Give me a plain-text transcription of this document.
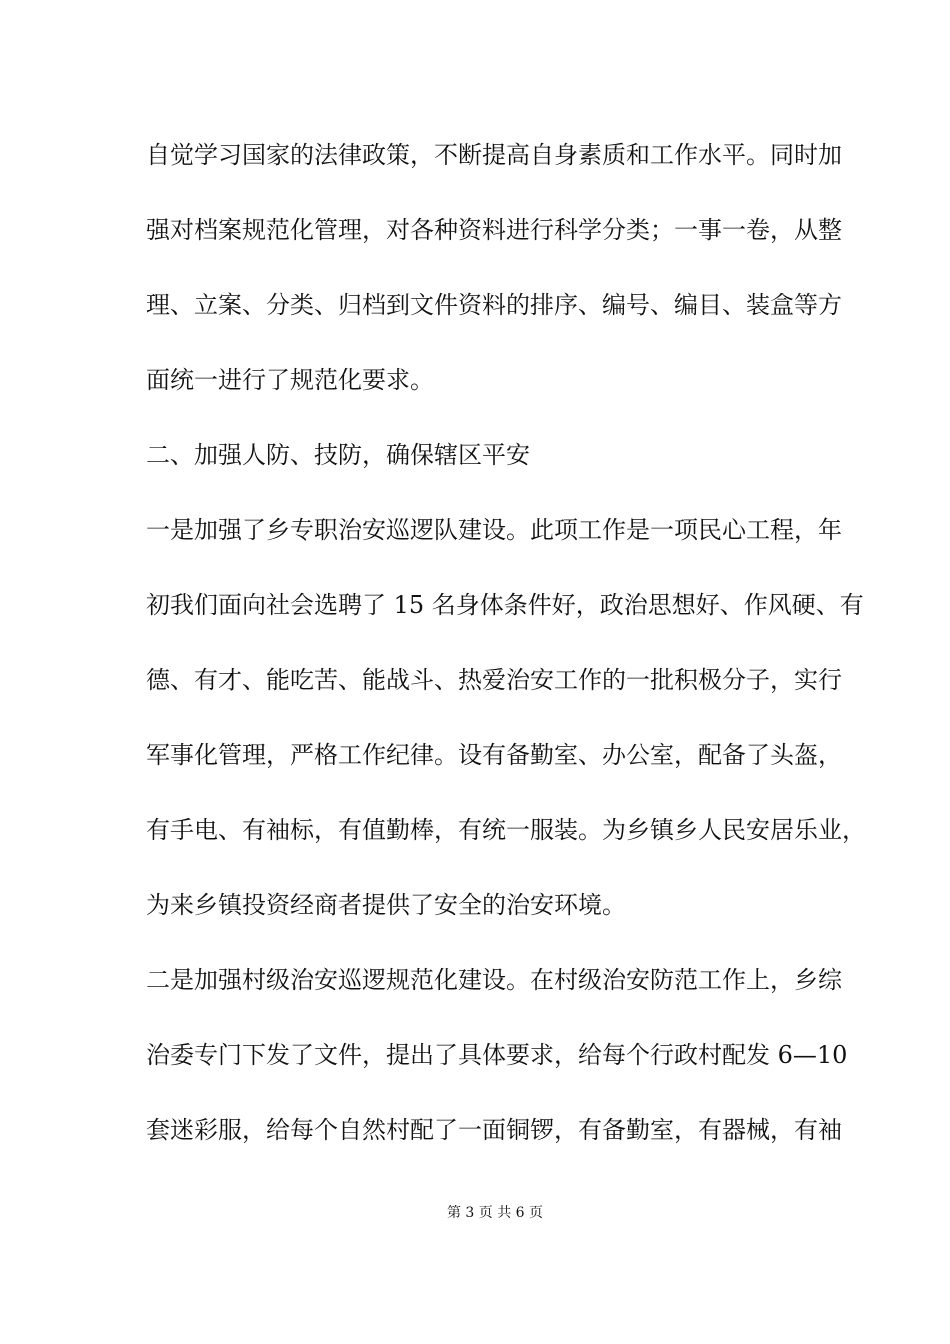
自觉学习国家的法律政策，不断提高自身素质和工作水平。同时加
强对档案规范化管理，对各种资料进行科学分类；一事一卷，从整
理、立案、分类、归档到文件资料的排序、编号、编目、装盒等方
面统一进行了规范化要求。
二、加强人防、技防，确保辖区平安
一是加强了乡专职治安巡逻队建设。此项工作是一项民心工程，年
初我们面向社会选聘了 15 名身体条件好，政治思想好、作风硬、有
德、有才、能吃苦、能战斗、热爱治安工作的一批积极分子，实行
军事化管理，严格工作纪律。设有备勤室、办公室，配备了头盔，
有手电、有袖标，有值勤棒，有统一服装。为乡镇乡人民安居乐业，
为来乡镇投资经商者提供了安全的治安环境。
二是加强村级治安巡逻规范化建设。在村级治安防范工作上，乡综
治委专门下发了文件，提出了具体要求，给每个行政村配发 6—10
套迷彩服，给每个自然村配了一面铜锣，有备勤室，有器械，有袖
第 3 页 共 6 页
